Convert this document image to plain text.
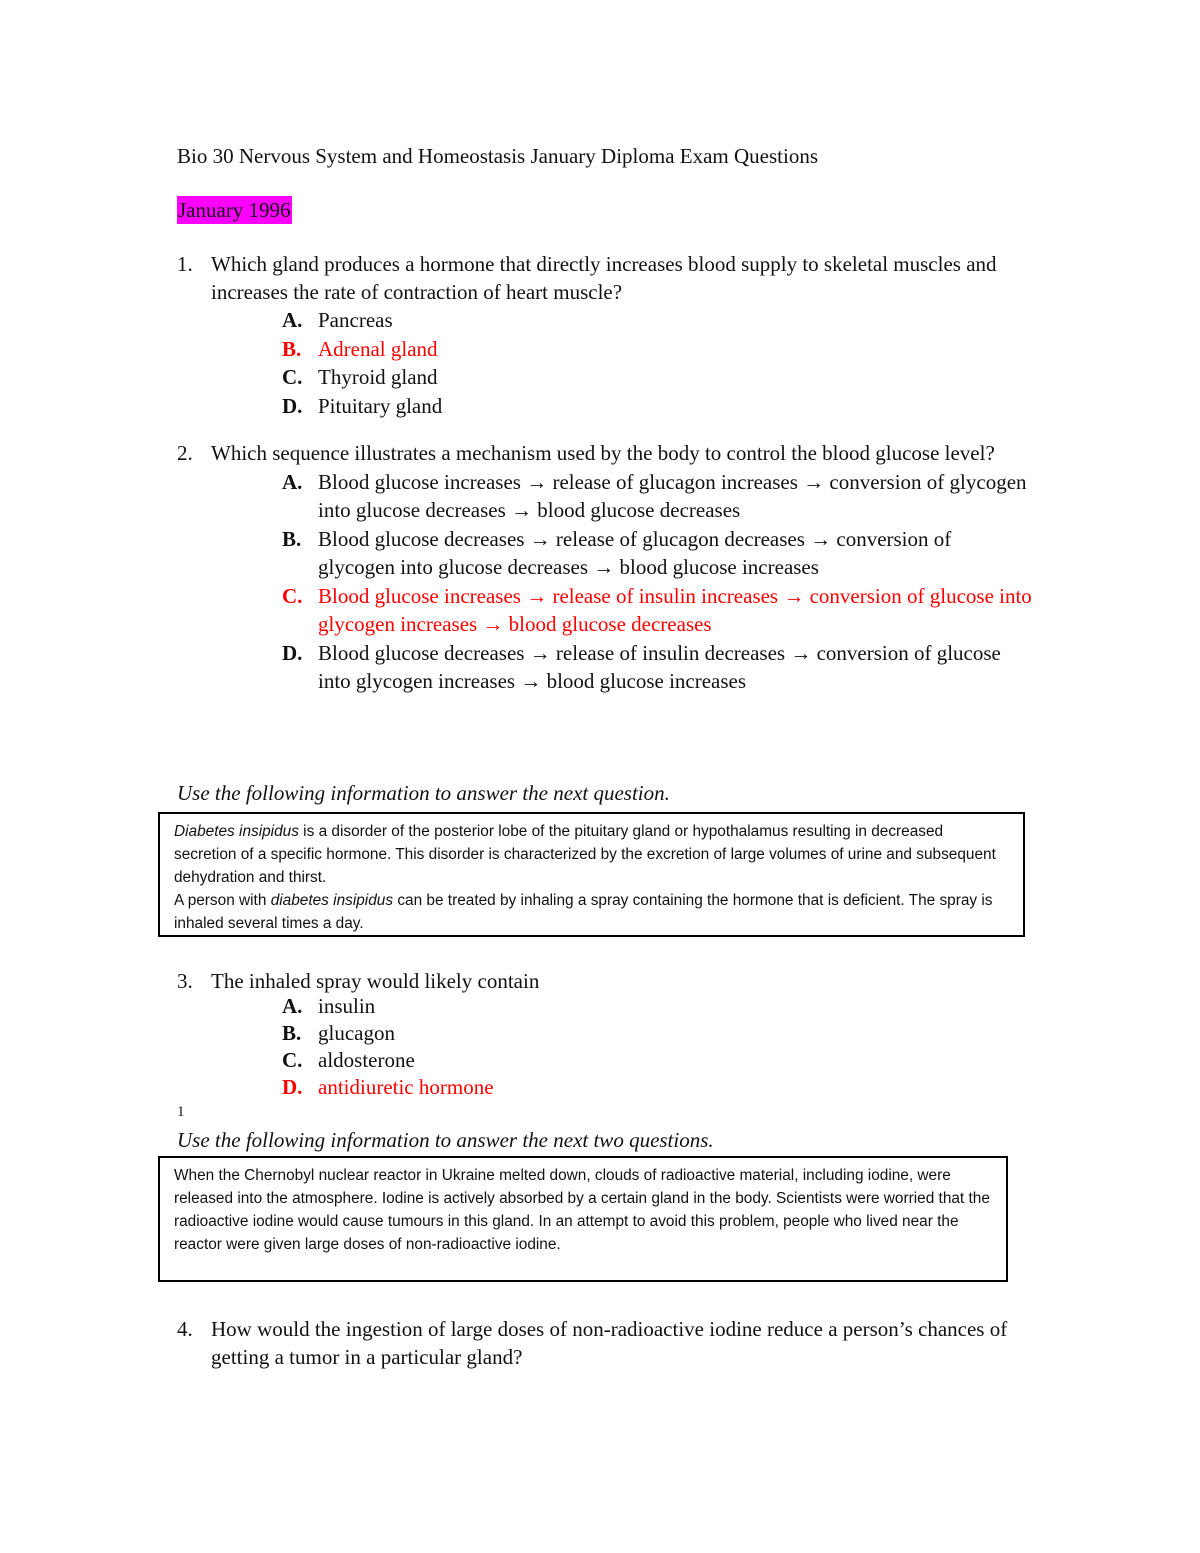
Bio 30 Nervous System and Homeostasis January Diploma Exam Questions
January 1996
1. Which gland produces a hormone that directly increases blood supply to skeletal muscles and increases the rate of contraction of heart muscle?
A. Pancreas
B. Adrenal gland
C. Thyroid gland
D. Pituitary gland
2. Which sequence illustrates a mechanism used by the body to control the blood glucose level?
A. Blood glucose increases → release of glucagon increases → conversion of glycogen into glucose decreases → blood glucose decreases
B. Blood glucose decreases → release of glucagon decreases → conversion of glycogen into glucose decreases → blood glucose increases
C. Blood glucose increases → release of insulin increases → conversion of glucose into glycogen increases → blood glucose decreases
D. Blood glucose decreases → release of insulin decreases → conversion of glucose into glycogen increases → blood glucose increases
Use the following information to answer the next question.

Diabetes insipidus is a disorder of the posterior lobe of the pituitary gland or hypothalamus resulting in decreased secretion of a specific hormone. This disorder is characterized by the excretion of large volumes of urine and subsequent dehydration and thirst.

A person with diabetes insipidus can be treated by inhaling a spray containing the hormone that is deficient. The spray is inhaled several times a day.

3. The inhaled spray would likely contain
A. insulin
B. glucagon
C. aldosterone
D. antidiuretic hormone
1
Use the following information to answer the next two questions.

When the Chernobyl nuclear reactor in Ukraine melted down, clouds of radioactive material, including iodine, were released into the atmosphere. Iodine is actively absorbed by a certain gland in the body. Scientists were worried that the radioactive iodine would cause tumours in this gland. In an attempt to avoid this problem, people who lived near the reactor were given large doses of non-radioactive iodine.

4. How would the ingestion of large doses of non-radioactive iodine reduce a person’s chances of getting a tumor in a particular gland?
